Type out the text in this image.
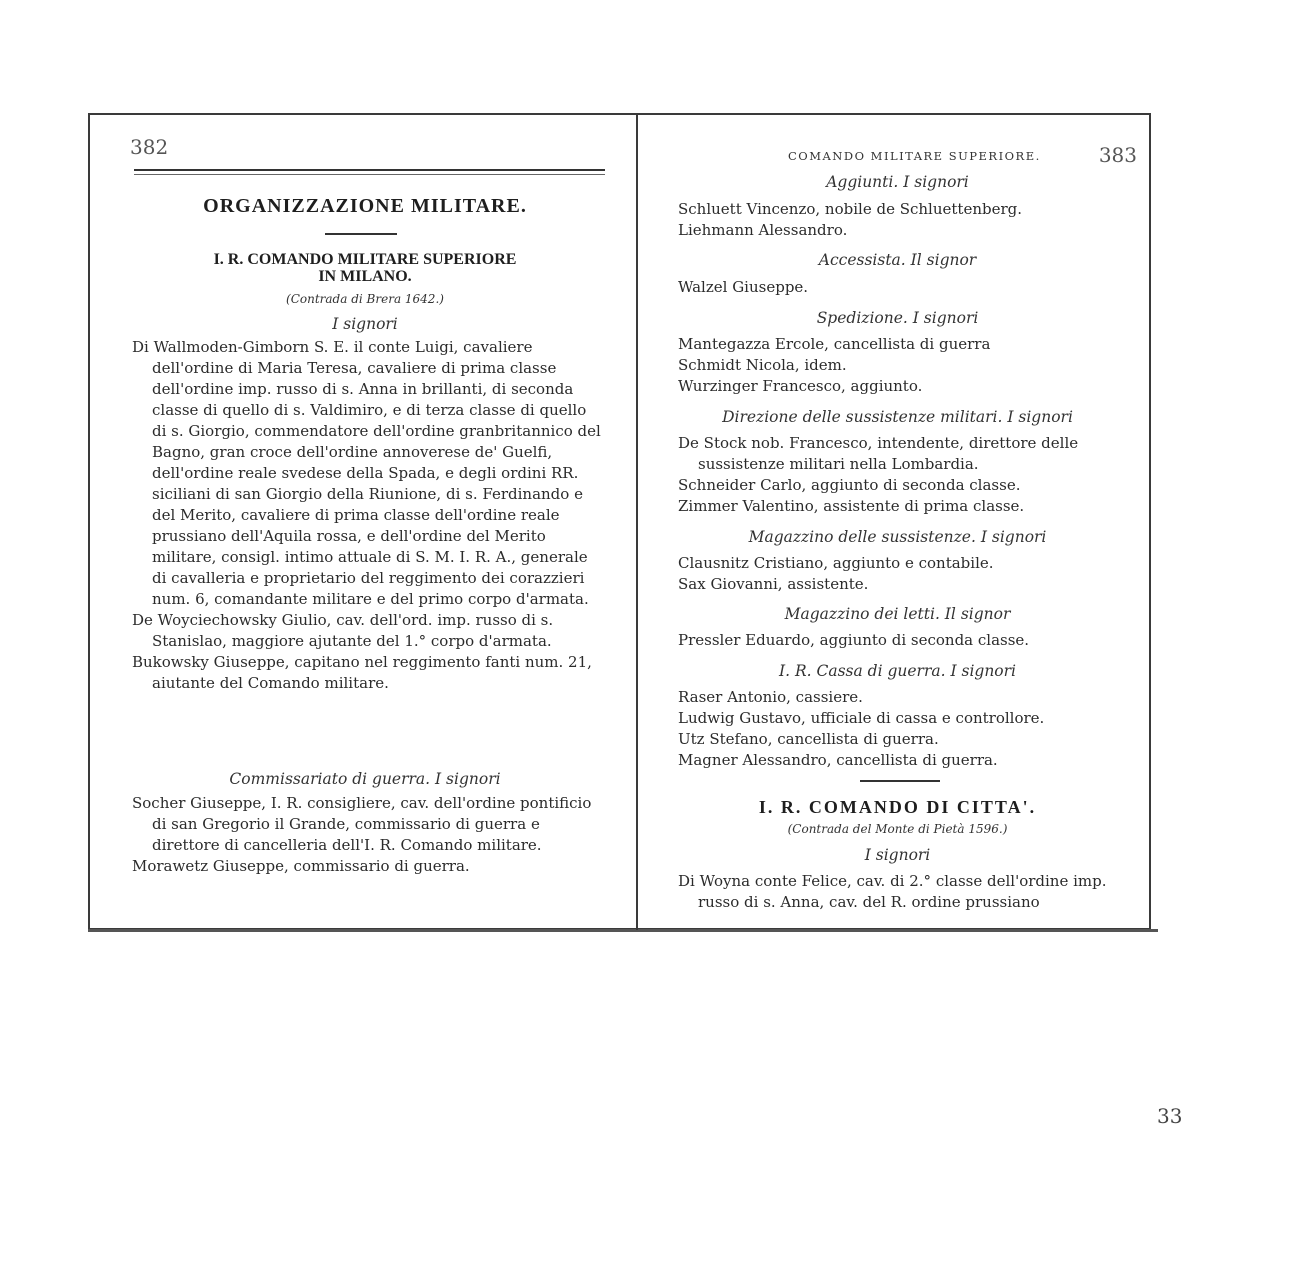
382
ORGANIZZAZIONE MILITARE.
I. R. COMANDO MILITARE SUPERIORE
IN MILANO.
(Contrada di Brera 1642.)
I signori

Di Wallmoden-Gimborn S. E. il conte Luigi, cavaliere dell'ordine di Maria Teresa, cavaliere di prima classe dell'ordine imp. russo di s. Anna in brillanti, di seconda classe di quello di s. Valdimiro, e di terza classe di quello di s. Giorgio, commendatore dell'ordine granbritannico del Bagno, gran croce dell'ordine annoverese de' Guelfi, dell'ordine reale svedese della Spada, e degli ordini RR. siciliani di san Giorgio della Riunione, di s. Ferdinando e del Merito, cavaliere di prima classe dell'ordine reale prussiano dell'Aquila rossa, e dell'ordine del Merito militare, consigl. intimo attuale di S. M. I. R. A., generale di cavalleria e proprietario del reggimento dei corazzieri num. 6, comandante militare e del primo corpo d'armata.

De Woyciechowsky Giulio, cav. dell'ord. imp. russo di s. Stanislao, maggiore ajutante del 1.° corpo d'armata.

Bukowsky Giuseppe, capitano nel reggimento fanti num. 21, aiutante del Comando militare.

Commissariato di guerra. I signori

Socher Giuseppe, I. R. consigliere, cav. dell'ordine pontificio di san Gregorio il Grande, commissario di guerra e direttore di cancelleria dell'I. R. Comando militare.

Morawetz Giuseppe, commissario di guerra.

COMANDO MILITARE SUPERIORE.	383
Aggiunti. I signori

Schluett Vincenzo, nobile de Schluettenberg.

Liehmann Alessandro.

Accessista. Il signor

Walzel Giuseppe.

Spedizione. I signori

Mantegazza Ercole, cancellista di guerra

Schmidt Nicola, idem.

Wurzinger Francesco, aggiunto.

Direzione delle sussistenze militari. I signori

De Stock nob. Francesco, intendente, direttore delle sussistenze militari nella Lombardia.

Schneider Carlo, aggiunto di seconda classe.

Zimmer Valentino, assistente di prima classe.

Magazzino delle sussistenze. I signori

Clausnitz Cristiano, aggiunto e contabile.

Sax Giovanni, assistente.

Magazzino dei letti. Il signor

Pressler Eduardo, aggiunto di seconda classe.

I. R. Cassa di guerra. I signori

Raser Antonio, cassiere.

Ludwig Gustavo, ufficiale di cassa e controllore.

Utz Stefano, cancellista di guerra.

Magner Alessandro, cancellista di guerra.

I. R. COMANDO DI CITTA'.
(Contrada del Monte di Pietà 1596.)
I signori

Di Woyna conte Felice, cav. di 2.° classe dell'ordine imp. russo di s. Anna, cav. del R. ordine prussiano

33
